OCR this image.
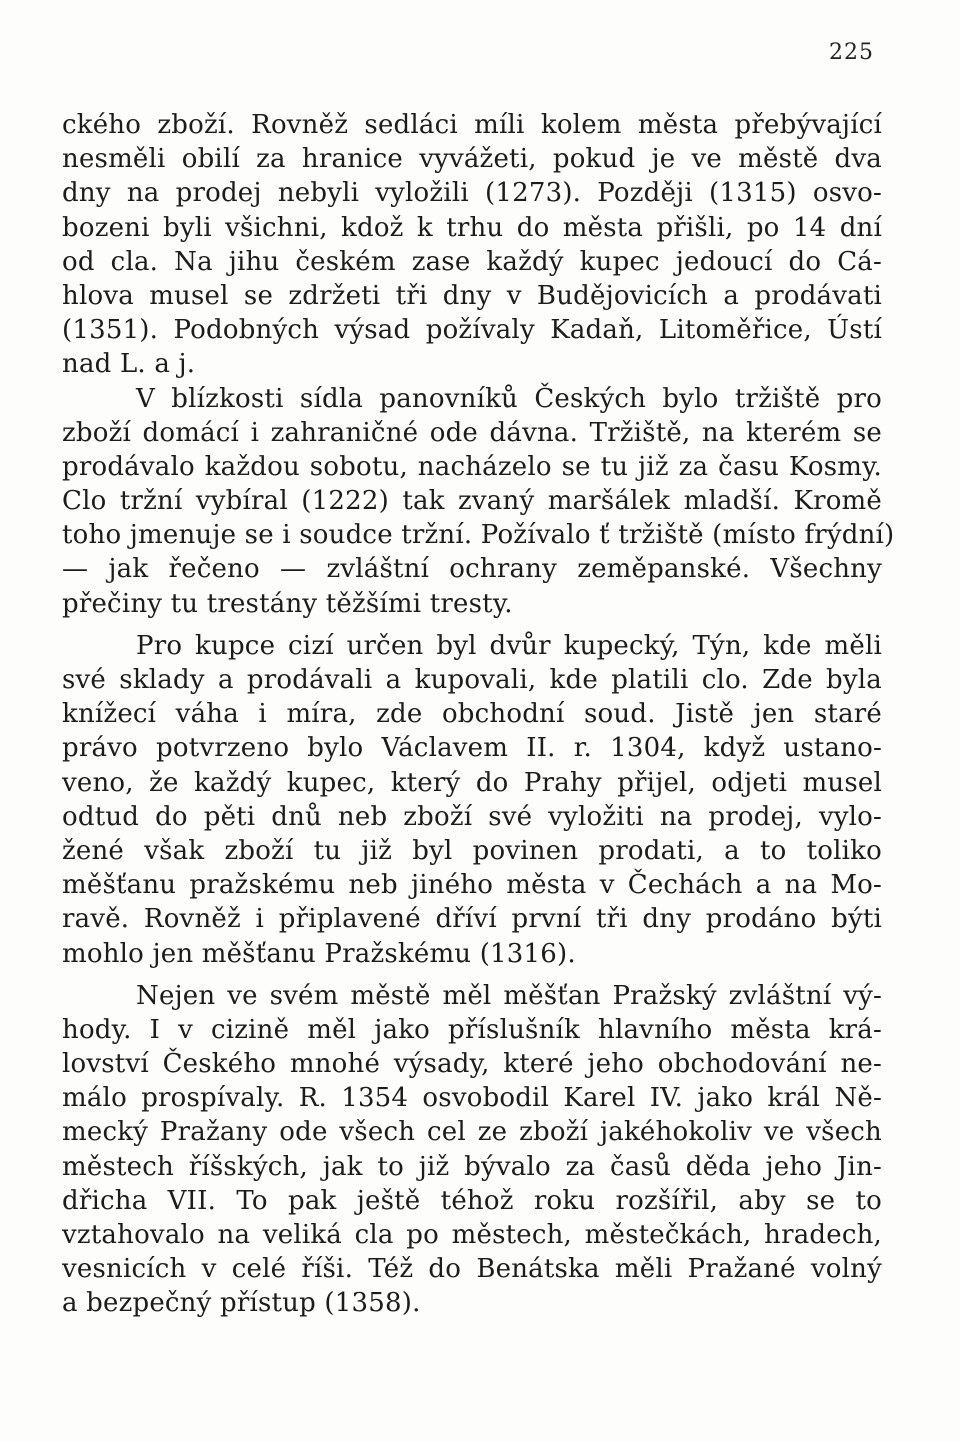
225
ckého zboží. Rovněž sedláci míli kolem města přebývající
nesměli obilí za hranice vyvážeti, pokud je ve městě dva
dny na prodej nebyli vyložili (1273). Později (1315) osvo-
bozeni byli všichni, kdož k trhu do města přišli, po 14 dní
od cla. Na jihu českém zase každý kupec jedoucí do Cá-
hlova musel se zdržeti tři dny v Budějovicích a prodávati
(1351). Podobných výsad požívaly Kadaň, Litoměřice, Ústí
nad L. a j.
V blízkosti sídla panovníků Českých bylo tržiště pro
zboží domácí i zahraničné ode dávna. Tržiště, na kterém se
prodávalo každou sobotu, nacházelo se tu již za času Kosmy.
Clo tržní vybíral (1222) tak zvaný maršálek mladší. Kromě
toho jmenuje se i soudce tržní. Požívalo ť tržiště (místo frýdní)
— jak řečeno — zvláštní ochrany zeměpanské. Všechny
přečiny tu trestány těžšími tresty.
Pro kupce cizí určen byl dvůr kupecký, Týn, kde měli
své sklady a prodávali a kupovali, kde platili clo. Zde byla
knížecí váha i míra, zde obchodní soud. Jistě jen staré
právo potvrzeno bylo Václavem II. r. 1304, když ustano-
veno, že každý kupec, který do Prahy přijel, odjeti musel
odtud do pěti dnů neb zboží své vyložiti na prodej, vylo-
žené však zboží tu již byl povinen prodati, a to toliko
měšťanu pražskému neb jiného města v Čechách a na Mo-
ravě. Rovněž i připlavené dříví první tři dny prodáno býti
mohlo jen měšťanu Pražskému (1316).
Nejen ve svém městě měl měšťan Pražský zvláštní vý-
hody. I v cizině měl jako příslušník hlavního města krá-
lovství Českého mnohé výsady, které jeho obchodování ne-
málo prospívaly. R. 1354 osvobodil Karel IV. jako král Ně-
mecký Pražany ode všech cel ze zboží jakéhokoliv ve všech
městech říšských, jak to již bývalo za časů děda jeho Jin-
dřicha VII. To pak ještě téhož roku rozšířil, aby se to
vztahovalo na veliká cla po městech, městečkách, hradech,
vesnicích v celé říši. Též do Benátska měli Pražané volný
a bezpečný přístup (1358).
